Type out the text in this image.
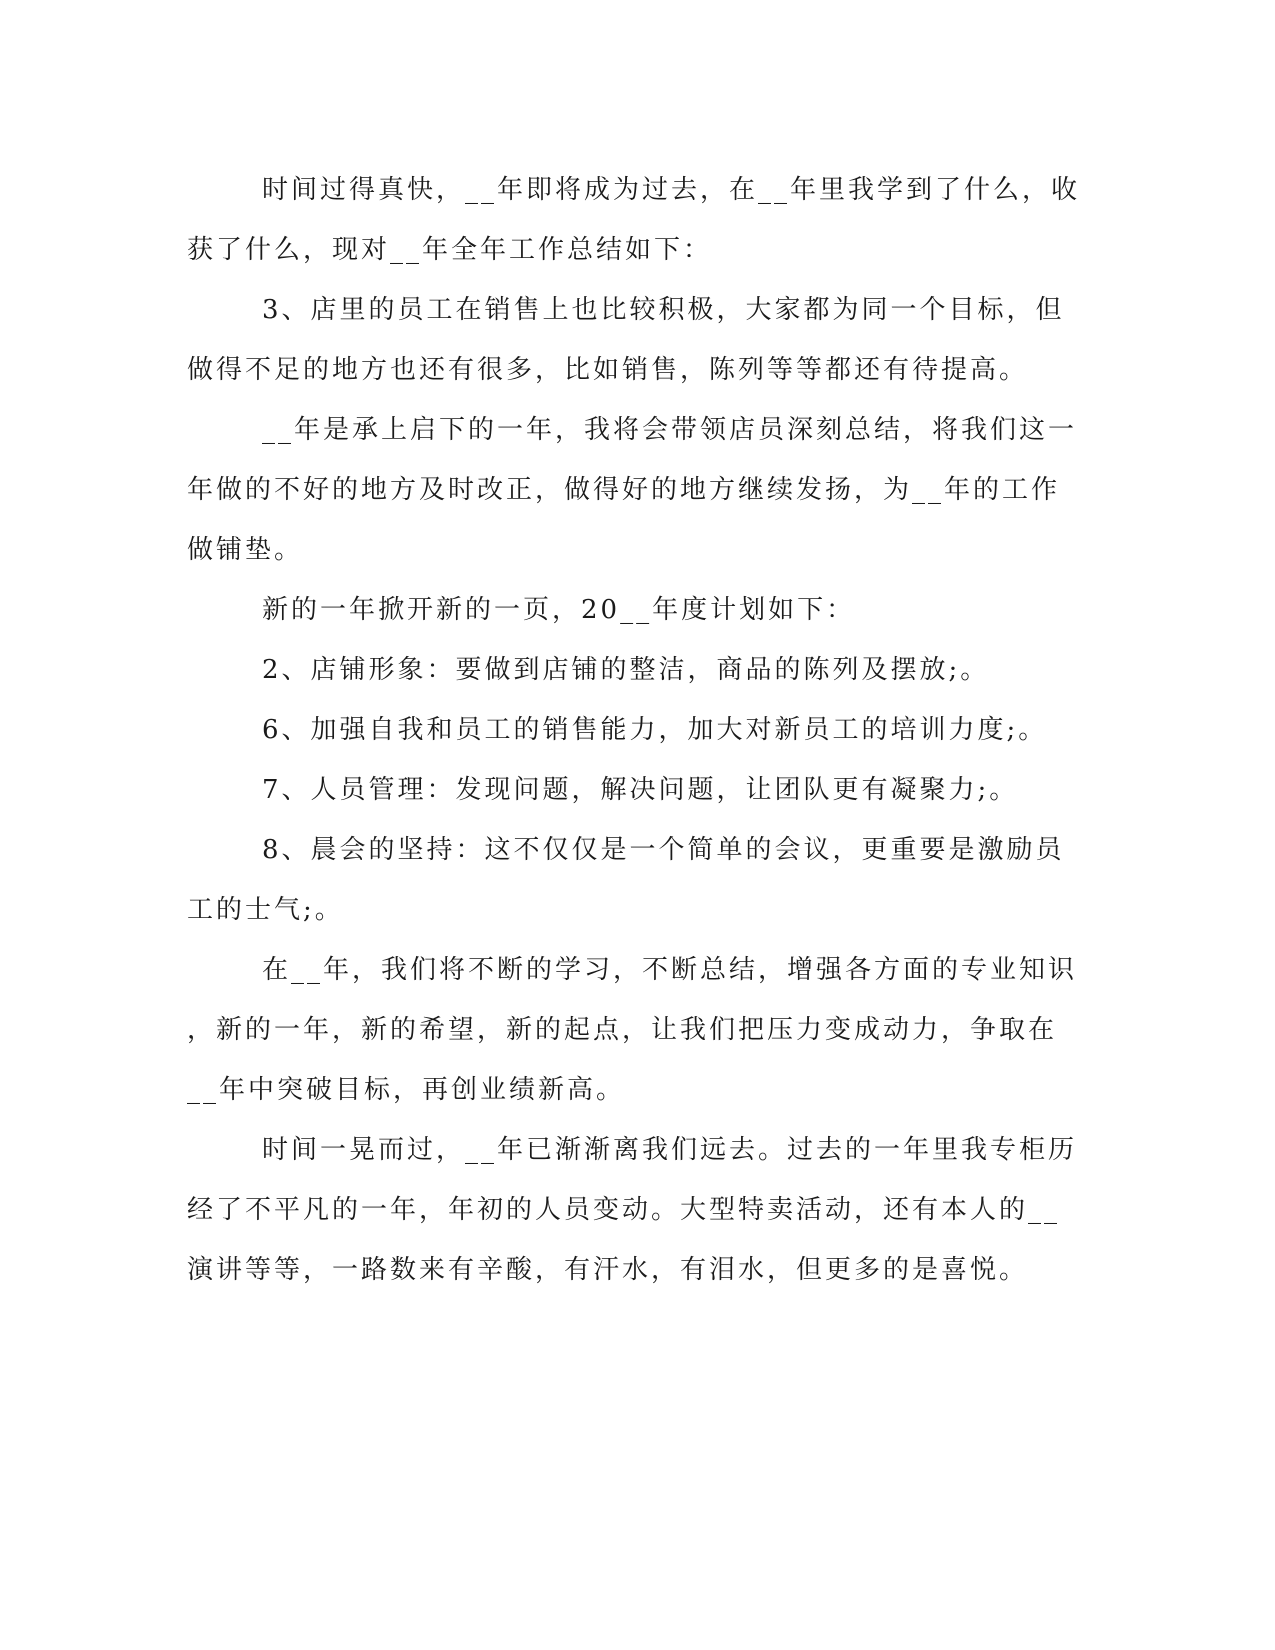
时间过得真快，__年即将成为过去，在__年里我学到了什么，收
获了什么，现对__年全年工作总结如下：

3、店里的员工在销售上也比较积极，大家都为同一个目标，但
做得不足的地方也还有很多，比如销售，陈列等等都还有待提高。

__年是承上启下的一年，我将会带领店员深刻总结，将我们这一
年做的不好的地方及时改正，做得好的地方继续发扬，为__年的工作
做铺垫。

新的一年掀开新的一页，20__年度计划如下：

2、店铺形象：要做到店铺的整洁，商品的陈列及摆放;。

6、加强自我和员工的销售能力，加大对新员工的培训力度;。

7、人员管理：发现问题，解决问题，让团队更有凝聚力;。

8、晨会的坚持：这不仅仅是一个简单的会议，更重要是激励员
工的士气;。

在__年，我们将不断的学习，不断总结，增强各方面的专业知识
，新的一年，新的希望，新的起点，让我们把压力变成动力，争取在
__年中突破目标，再创业绩新高。

时间一晃而过，__年已渐渐离我们远去。过去的一年里我专柜历
经了不平凡的一年，年初的人员变动。大型特卖活动，还有本人的__
演讲等等，一路数来有辛酸，有汗水，有泪水，但更多的是喜悦。
